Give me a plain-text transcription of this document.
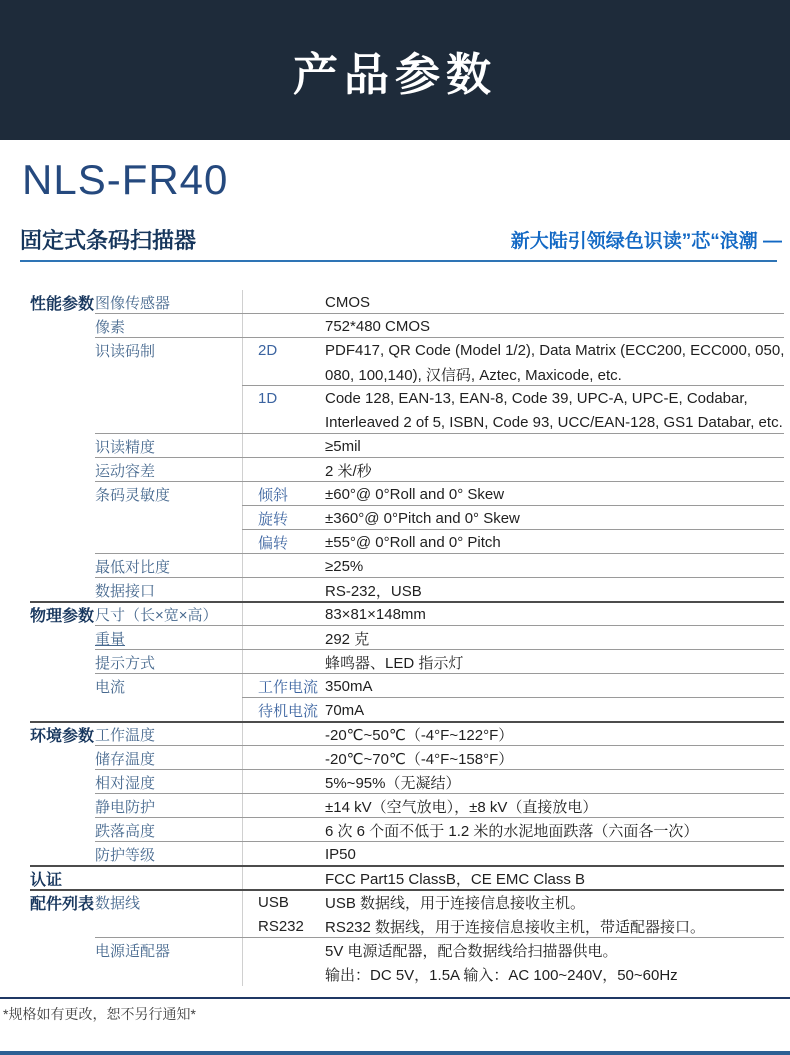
产品参数
NLS-FR40
固定式条码扫描器	新大陆引领绿色识读”芯“浪潮 —
性能参数 图像传感器	CMOS
像素	752*480 CMOS
识读码制	2D	PDF417, QR Code (Model 1/2), Data Matrix (ECC200, ECC000, 050,
080, 100,140), 汉信码, Aztec, Maxicode, etc.
1D	Code 128, EAN-13, EAN-8, Code 39, UPC-A, UPC-E, Codabar,
Interleaved 2 of 5, ISBN, Code 93, UCC/EAN-128, GS1 Databar, etc.
识读精度	≥5mil
运动容差	2 米/秒
条码灵敏度	倾斜	±60°@ 0°Roll and 0° Skew
旋转	±360°@ 0°Pitch and 0° Skew
偏转	±55°@ 0°Roll and 0° Pitch
最低对比度	≥25%
数据接口	RS-232，USB
物理参数 尺寸（长×宽×高）	83×81×148mm
重量	292 克
提示方式	蜂鸣器、LED 指示灯
电流	工作电流 350mA
待机电流 70mA
环境参数 工作温度	-20℃~50℃（-4°F~122°F）
储存温度	-20℃~70℃（-4°F~158°F）
相对湿度	5%~95%（无凝结）
静电防护	±14 kV（空气放电），±8 kV（直接放电）
跌落高度	6 次 6 个面不低于 1.2 米的水泥地面跌落（六面各一次）
防护等级	IP50
认证	FCC Part15 ClassB，CE EMC Class B
配件列表 数据线	USB	USB 数据线，用于连接信息接收主机。
RS232	RS232 数据线，用于连接信息接收主机，带适配器接口。
电源适配器	5V 电源适配器，配合数据线给扫描器供电。
输出：DC 5V，1.5A 输入：AC 100~240V，50~60Hz
*规格如有更改，恕不另行通知*
